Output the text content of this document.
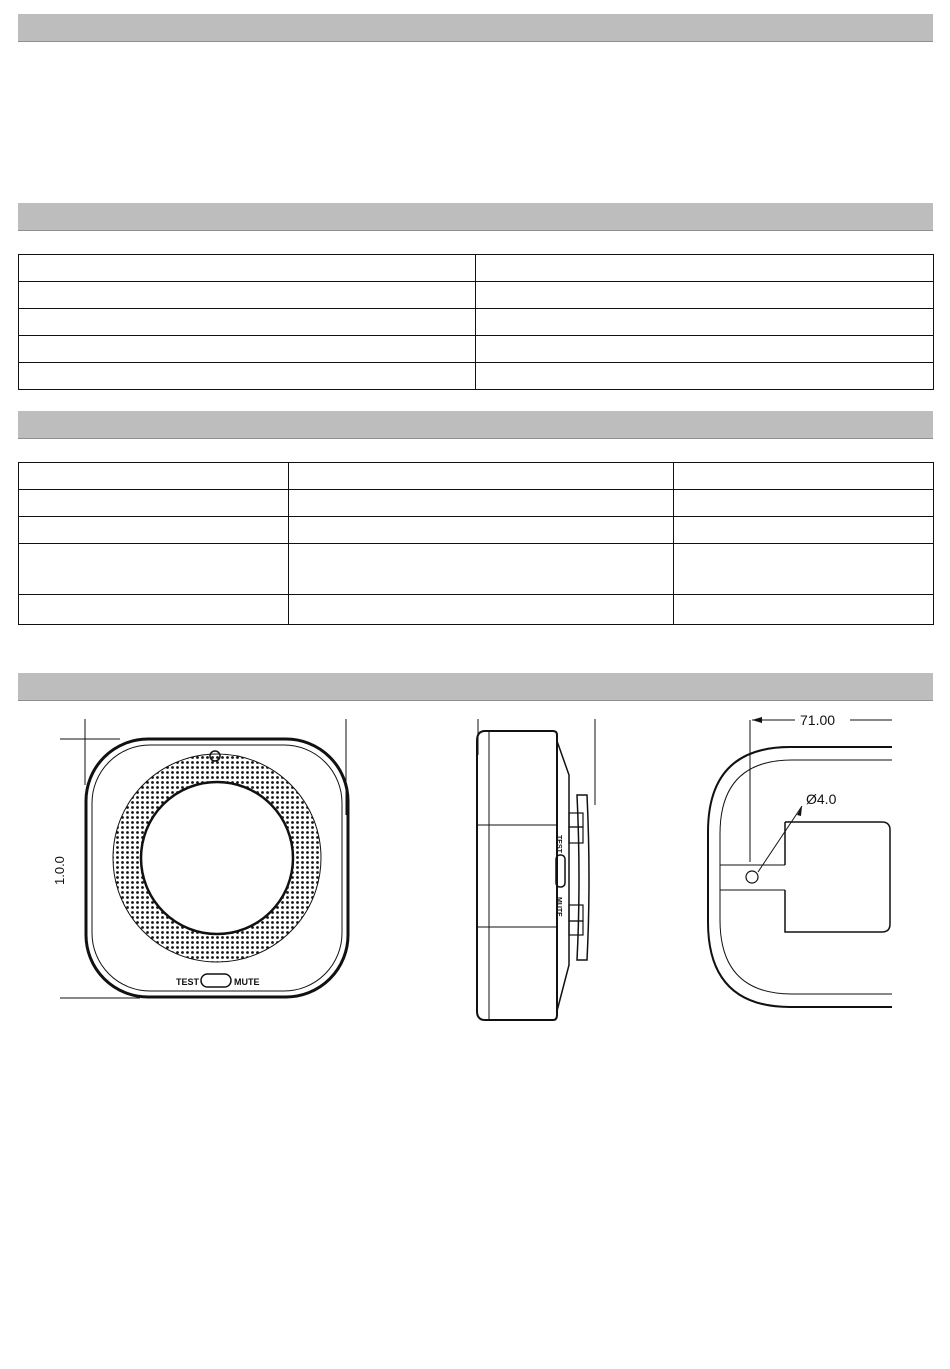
1.0.0
TEST	MUTE
TEST
MUTE
71.00
Ø4.0
